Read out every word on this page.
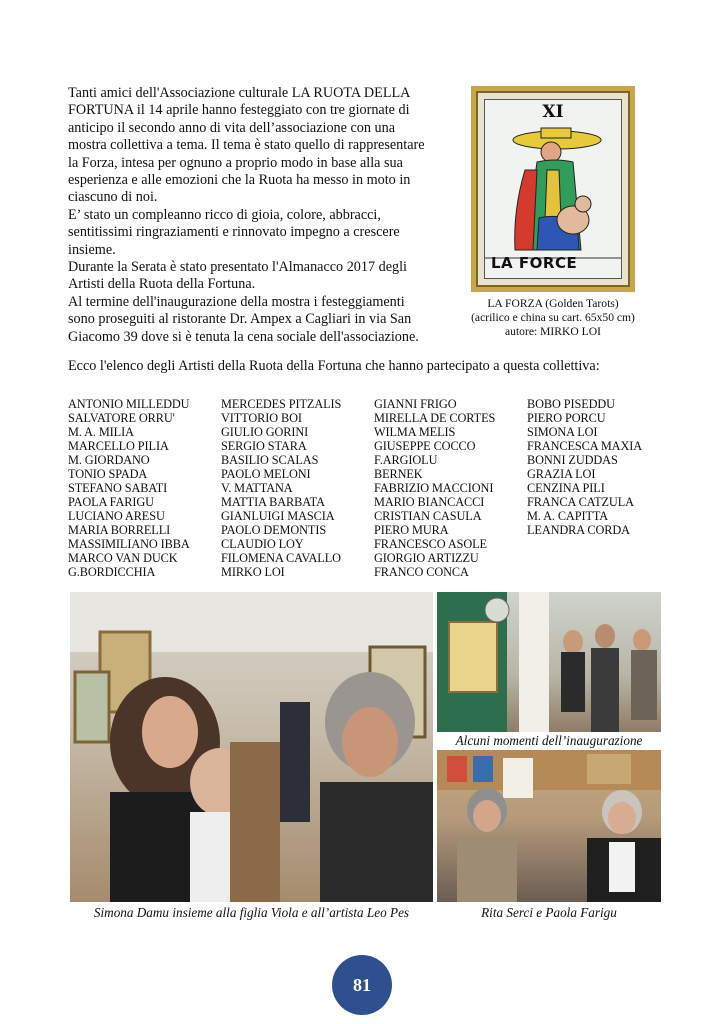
Tanti amici dell'Associazione culturale LA RUOTA DELLA

FORTUNA il 14 aprile hanno festeggiato con tre giornate di

anticipo il secondo anno di vita dell’associazione con una

mostra collettiva a tema. Il tema è stato quello di rappresentare

la Forza, intesa per ognuno a proprio modo in base alla sua

esperienza e alle emozioni che la Ruota ha messo in moto in

ciascuno di noi.

E’ stato un compleanno ricco di gioia, colore, abbracci,

sentitissimi ringraziamenti e rinnovato impegno a crescere

insieme.

Durante la Serata è stato presentato l'Almanacco 2017 degli

Artisti della Ruota della Fortuna.

Al termine dell'inaugurazione della mostra i festeggiamenti

sono proseguiti al ristorante Dr. Ampex a Cagliari in via San

Giacomo 39 dove si è tenuta la cena sociale dell'associazione.

XI
LA FORCE
LA FORZA (Golden Tarots)
(acrilico e china su cart. 65x50 cm)
autore: MIRKO LOI
Ecco l'elenco degli Artisti della Ruota della Fortuna che hanno partecipato a questa collettiva:
ANTONIO MILLEDDU
SALVATORE ORRU'
M. A. MILIA
MARCELLO PILIA
M. GIORDANO
TONIO SPADA
STEFANO SABATI
PAOLA FARIGU
LUCIANO ARESU
MARIA BORRELLI
MASSIMILIANO IBBA
MARCO VAN DUCK
G.BORDICCHIA
MERCEDES PITZALIS
VITTORIO BOI
GIULIO GORINI
SERGIO STARA
BASILIO SCALAS
PAOLO MELONI
V. MATTANA
MATTIA BARBATA
GIANLUIGI MASCIA
PAOLO DEMONTIS
CLAUDIO LOY
FILOMENA CAVALLO
MIRKO LOI
GIANNI FRIGO
MIRELLA DE CORTES
WILMA MELIS
GIUSEPPE COCCO
F.ARGIOLU
BERNEK
FABRIZIO MACCIONI
MARIO BIANCACCI
CRISTIAN CASULA
PIERO MURA
FRANCESCO ASOLE
GIORGIO ARTIZZU
FRANCO CONCA
BOBO PISEDDU
PIERO PORCU
SIMONA LOI
FRANCESCA MAXIA
BONNI ZUDDAS
GRAZIA LOI
CENZINA PILI
FRANCA CATZULA
M. A. CAPITTA
LEANDRA CORDA
Simona Damu insieme alla figlia Viola e all’artista Leo Pes
Alcuni momenti dell’inaugurazione
Rita Serci e Paola Farigu
81
